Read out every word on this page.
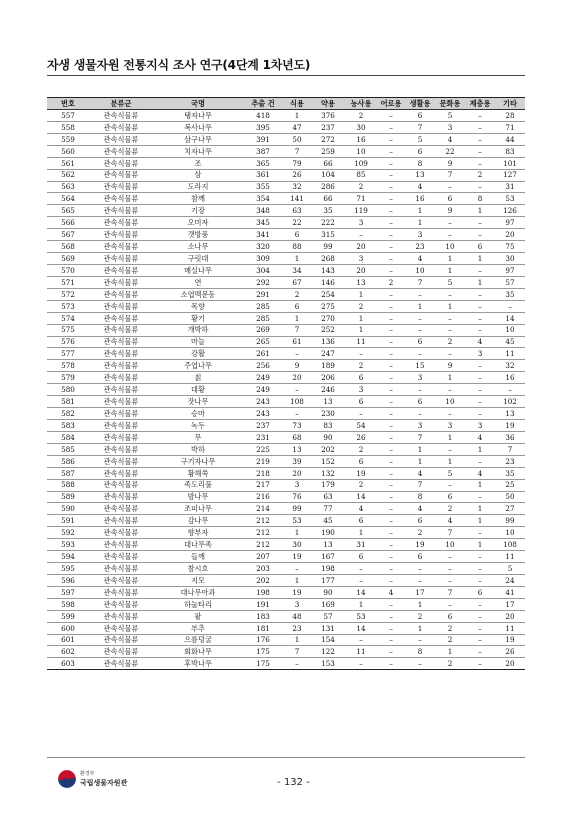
자생 생물자원 전통지식 조사 연구(4단계 1차년도)
번호	분류군	국명	추출 건	식용	약용	농사용	어로용	생활용	문화용	제충용	기타
557	관속식물류	탱자나무	418	1	376	2	–	6	5	–	28
558	관속식물류	복사나무	395	47	237	30	–	7	3	–	71
559	관속식물류	삼구나무	391	50	272	16	–	5	4	–	44
560	관속식물류	치자나무	387	7	259	10	–	6	22	–	83
561	관속식물류	조	365	79	66	109	–	8	9	–	101
562	관속식물류	삼	361	26	104	85	–	13	7	2	127
563	관속식물류	도라지	355	32	286	2	–	4	–	–	31
564	관속식물류	참깨	354	141	66	71	–	16	6	8	53
565	관속식물류	기장	348	63	35	119	–	1	9	1	126
566	관속식물류	오미자	345	22	222	3	–	1	–	–	97
567	관속식물류	갯방풍	341	6	315	–	–	3	–	–	20
568	관속식물류	소나무	320	88	99	20	–	23	10	6	75
569	관속식물류	구릿대	309	1	268	3	–	4	1	1	30
570	관속식물류	매실나무	304	34	143	20	–	10	1	–	97
571	관속식물류	연	292	67	146	13	2	7	5	1	57
572	관속식물류	소엽맥문동	291	2	254	1	–	–	–	–	35
573	관속식물류	목향	285	6	275	2	–	1	1	–	–
574	관속식물류	황기	285	1	270	1	–	–	–	–	14
575	관속식물류	개박하	269	7	252	1	–	–	–	–	10
576	관속식물류	마늘	265	61	136	11	–	6	2	4	45
577	관속식물류	강활	261	–	247	–	–	–	–	3	11
578	관속식물류	주엽나무	256	9	189	2	–	15	9	–	32
579	관속식물류	칡	249	20	206	6	–	3	1	–	16
580	관속식물류	대황	249	–	246	3	–	–	–	–	–
581	관속식물류	잣나무	243	108	13	6	–	6	10	–	102
582	관속식물류	승마	243	–	230	–	–	–	–	–	13
583	관속식물류	녹두	237	73	83	54	–	3	3	3	19
584	관속식물류	무	231	68	90	26	–	7	1	4	36
585	관속식물류	박하	225	13	202	2	–	1	–	1	7
586	관속식물류	구기자나무	219	39	152	6	–	1	1	–	23
587	관속식물류	황해쑥	218	20	132	19	–	4	5	4	35
588	관속식물류	족도리풀	217	3	179	2	–	7	–	1	25
589	관속식물류	밤나무	216	76	63	14	–	8	6	–	50
590	관속식물류	조피나무	214	99	77	4	–	4	2	1	27
591	관속식물류	감나무	212	53	45	6	–	6	4	1	99
592	관속식물류	향부자	212	1	190	1	–	2	7	–	10
593	관속식물류	대나무족	212	30	13	31	–	19	10	1	108
594	관속식물류	들깨	207	19	167	6	–	6	–	–	11
595	관속식물류	참시호	203	–	198	–	–	–	–	–	5
596	관속식물류	지모	202	1	177	–	–	–	–	–	24
597	관속식물류	대나무아과	198	19	90	14	4	17	7	6	41
598	관속식물류	하눌타리	191	3	169	1	–	1	–	–	17
599	관속식물류	팥	183	48	57	53	–	2	6	–	20
600	관속식물류	부추	181	23	131	14	–	1	2	–	11
601	관속식물류	으름덩굴	176	1	154	–	–	–	2	–	19
602	관속식물류	회화나무	175	7	122	11	–	8	1	–	26
603	관속식물류	후박나무	175	–	153	–	–	–	2	–	20
환경부
국립생물자원관	- 132 -
